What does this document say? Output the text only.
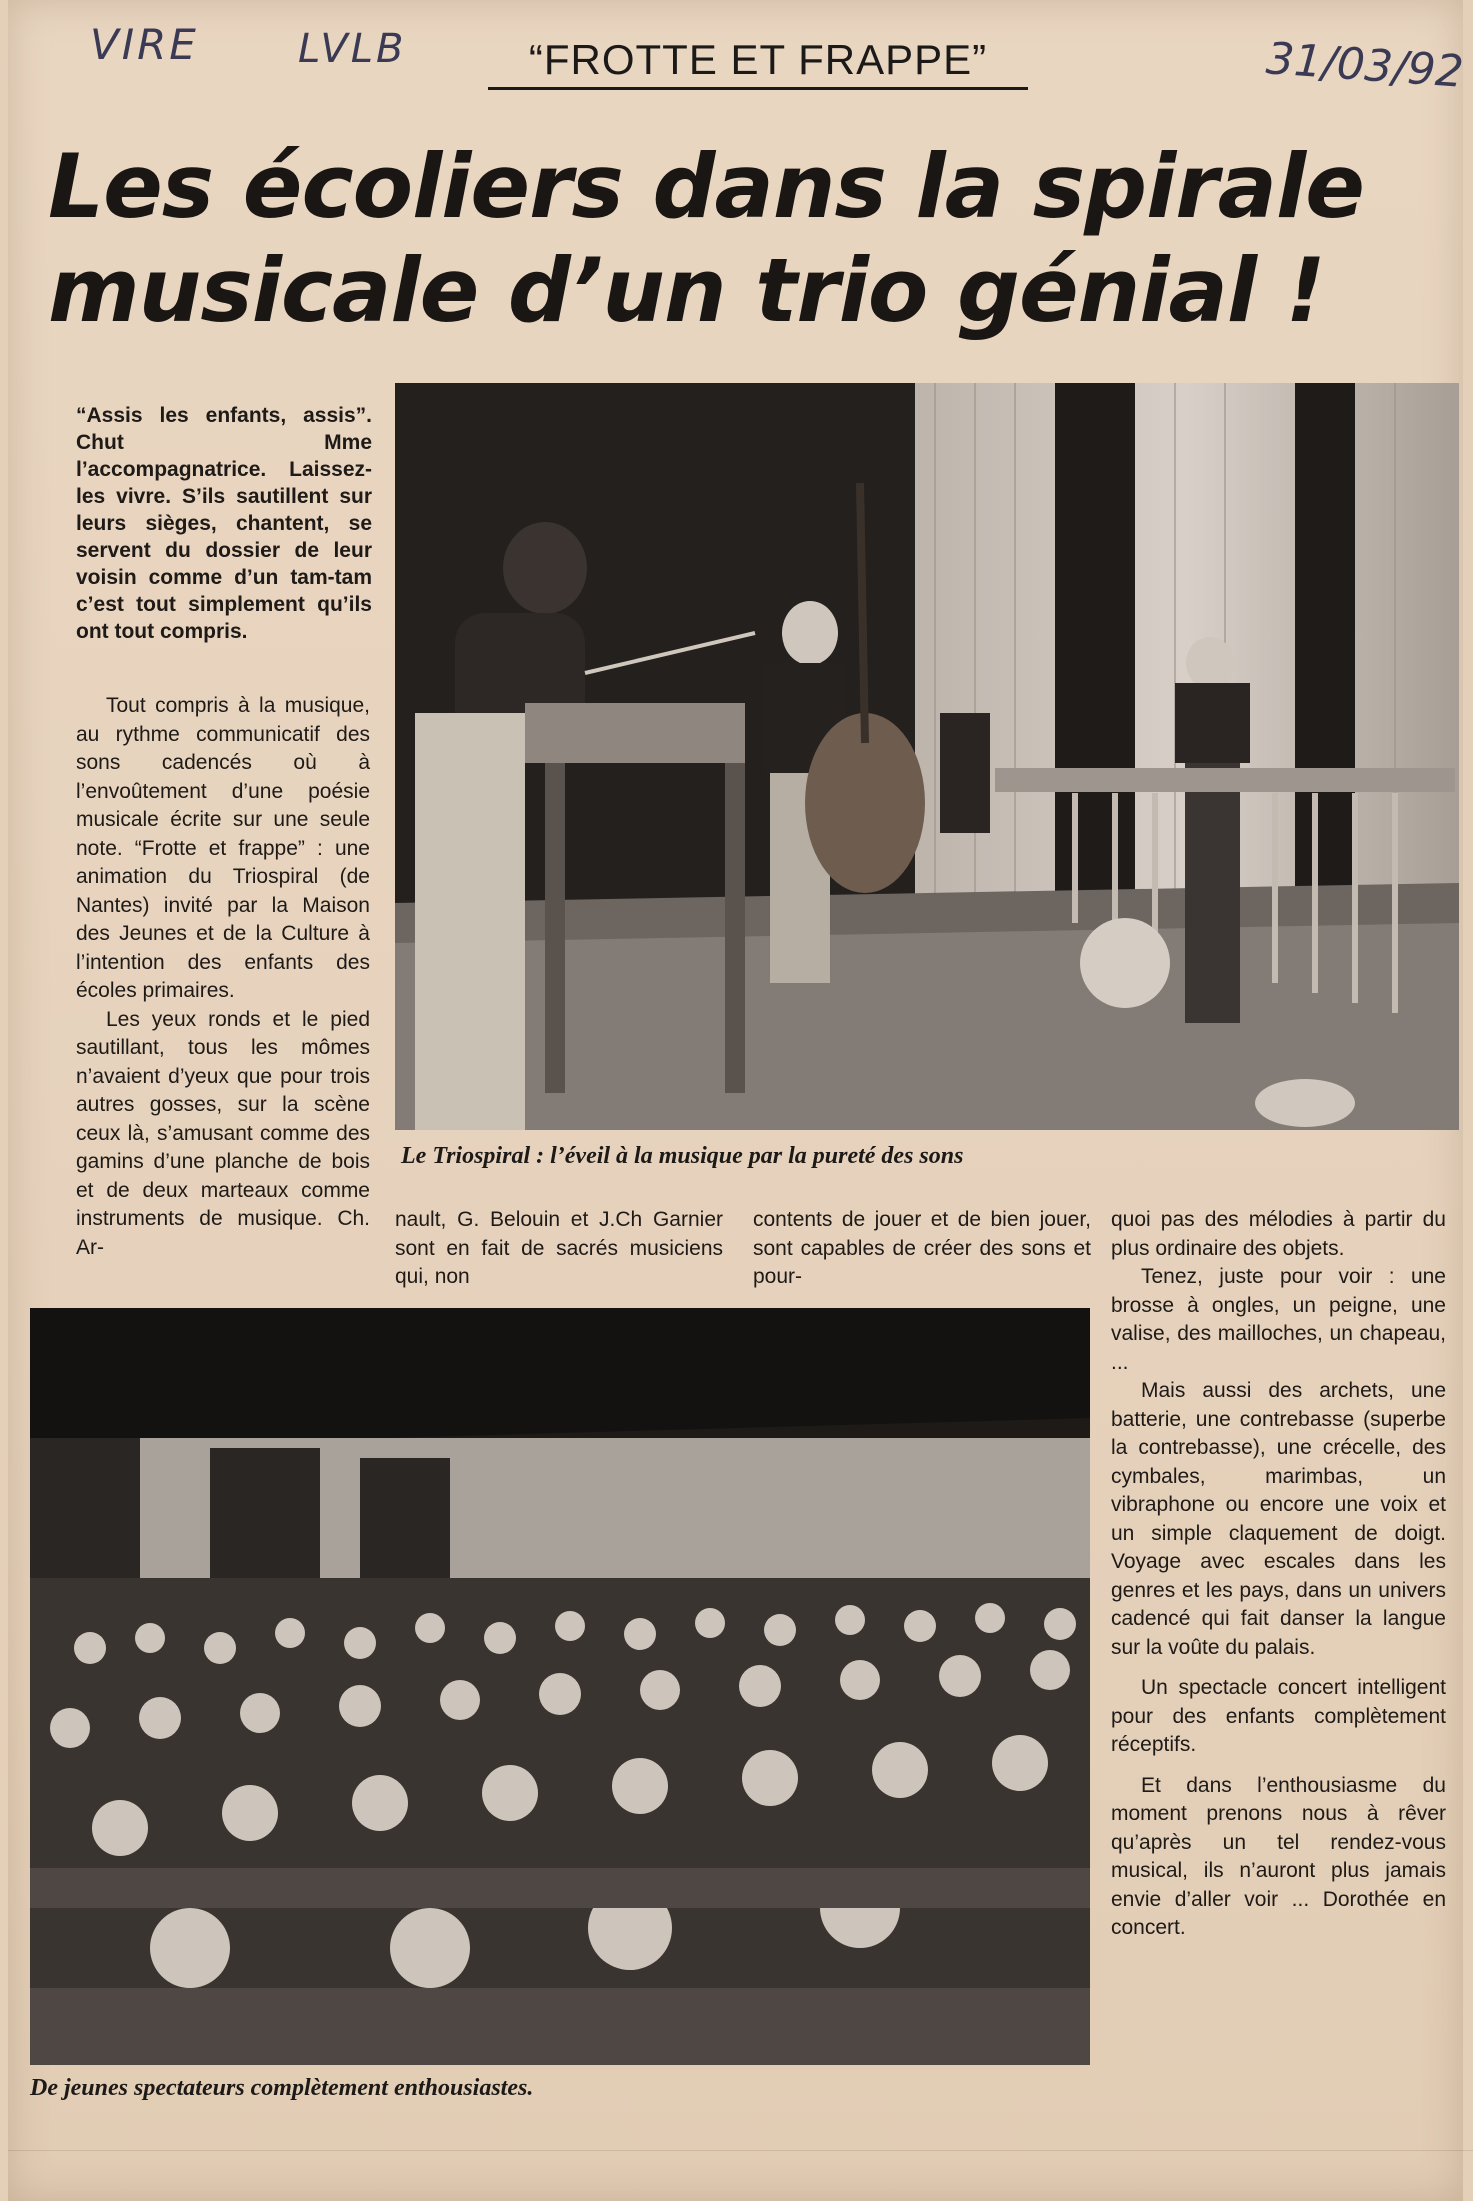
VIRE LVLB	31/03/92
“FROTTE ET FRAPPE”
Les écoliers dans la spirale
musicale d’un trio génial !
“Assis les enfants, assis”. Chut Mme l’accompagnatrice. Laissez-les vivre. S’ils sautillent sur leurs sièges, chantent, se servent du dossier de leur voisin comme d’un tam-tam c’est tout simplement qu’ils ont tout compris.
Le Triospiral : l’éveil à la musique par la pureté des sons

Tout compris à la musique, au rythme communicatif des sons cadencés où à l’envoûtement d’une poésie musicale écrite sur une seule note. “Frotte et frappe” : une animation du Triospiral (de Nantes) invité par la Maison des Jeunes et de la Culture à l’intention des enfants des écoles primaires.

Les yeux ronds et le pied sautillant, tous les mômes n’avaient d’yeux que pour trois autres gosses, sur la scène ceux là, s’amusant comme des gamins d’une planche de bois et de deux marteaux comme instruments de musique. Ch. Ar-

nault, G. Belouin et J.Ch Garnier sont en fait de sacrés musiciens qui, non
contents de jouer et de bien jouer, sont capables de créer des sons et pour-

quoi pas des mélodies à partir du plus ordinaire des objets.

Tenez, juste pour voir : une brosse à ongles, un peigne, une valise, des mailloches, un chapeau, ...

Mais aussi des archets, une batterie, une contrebasse (superbe la contrebasse), une crécelle, des cymbales, marimbas, un vibraphone ou encore une voix et un simple claquement de doigt. Voyage avec escales dans les genres et les pays, dans un univers cadencé qui fait danser la langue sur la voûte du palais.

Un spectacle concert intelligent pour des enfants complètement réceptifs.

Et dans l’enthousiasme du moment prenons nous à rêver qu’après un tel rendez-vous musical, ils n’auront plus jamais envie d’aller voir ... Dorothée en concert.

De jeunes spectateurs complètement enthousiastes.
